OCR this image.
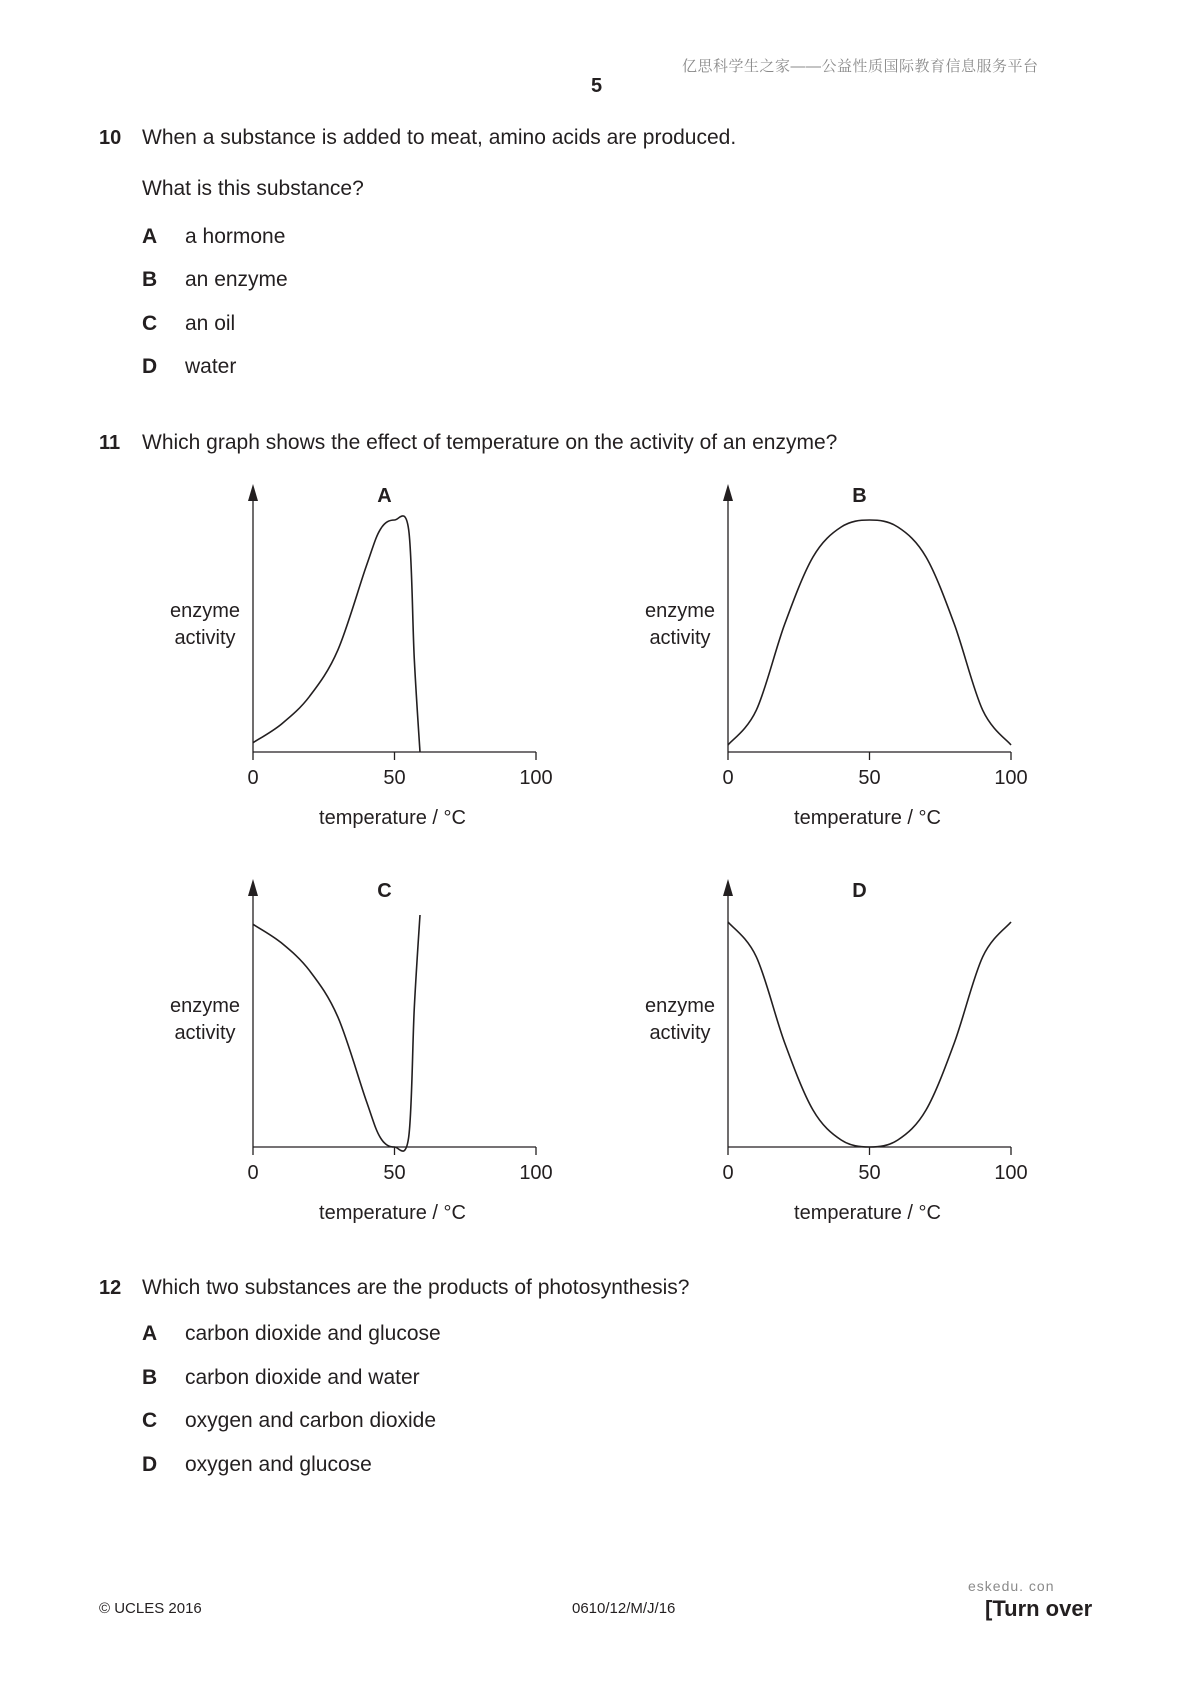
亿思科学生之家——公益性质国际教育信息服务平台
5
10 When a substance is added to meat, amino acids are produced.
What is this substance?
A a hormone
B an enzyme
C an oil
D water
11 Which graph shows the effect of temperature on the activity of an enzyme?
A
enzyme
activity
0	50	100
temperature / °C
B
enzyme
activity
0	50	100
temperature / °C
C
enzyme
activity
0	50	100
temperature / °C
D
enzyme
activity
0	50	100
temperature / °C
12 Which two substances are the products of photosynthesis?
A carbon dioxide and glucose
B carbon dioxide and water
C oxygen and carbon dioxide
D oxygen and glucose
eskedu. con
© UCLES 2016	0610/12/M/J/16	[Turn over
